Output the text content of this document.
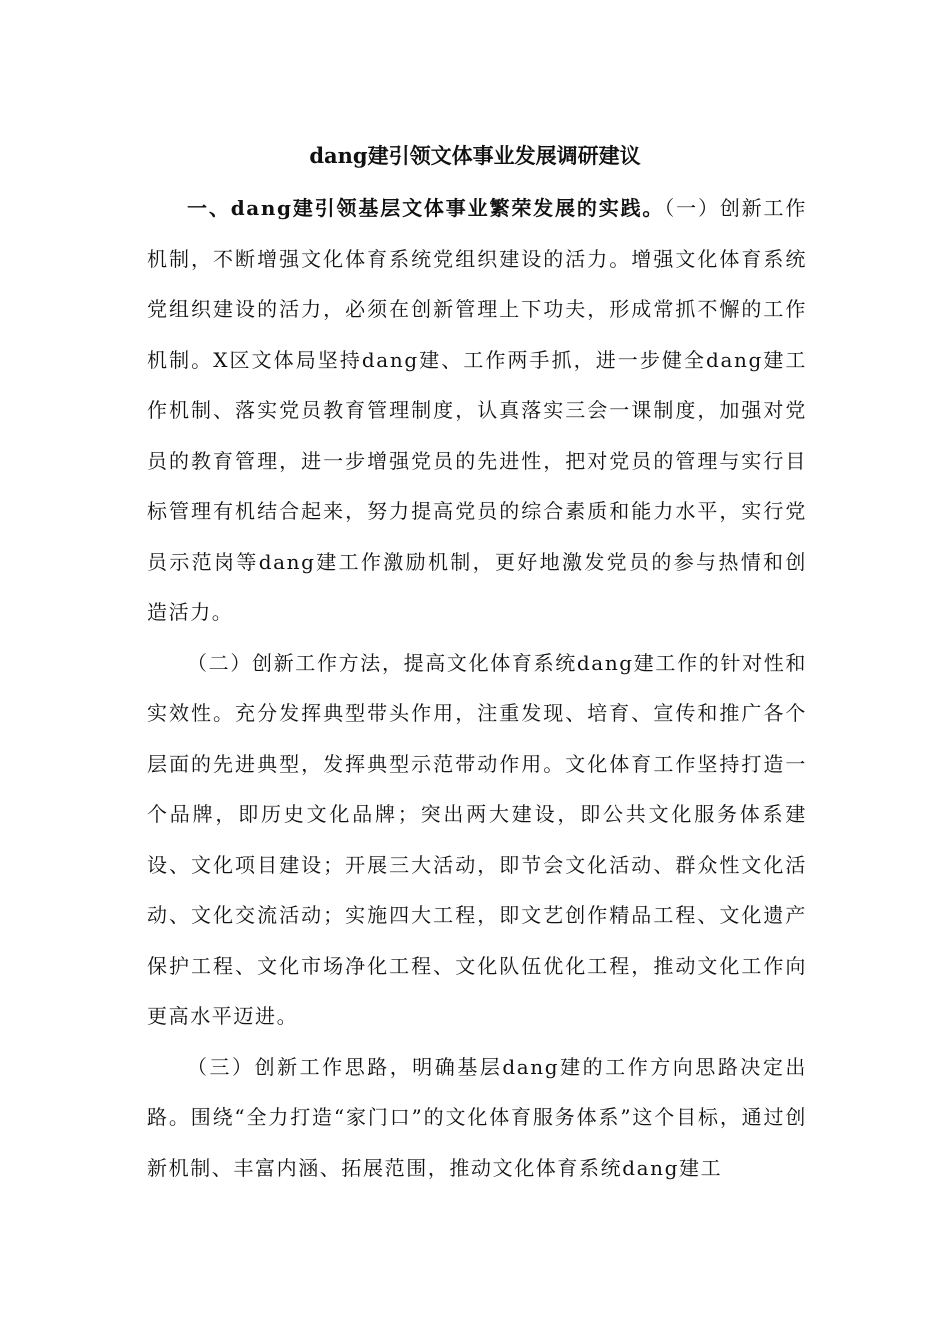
dang建引领文体事业发展调研建议

一、dang建引领基层文体事业繁荣发展的实践。（一）创新工作机制，不断增强文化体育系统党组织建设的活力。增强文化体育系统党组织建设的活力，必须在创新管理上下功夫，形成常抓不懈的工作机制。X区文体局坚持dang建、工作两手抓，进一步健全dang建工作机制、落实党员教育管理制度，认真落实三会一课制度，加强对党员的教育管理，进一步增强党员的先进性，把对党员的管理与实行目标管理有机结合起来，努力提高党员的综合素质和能力水平，实行党员示范岗等dang建工作激励机制，更好地激发党员的参与热情和创造活力。

（二）创新工作方法，提高文化体育系统dang建工作的针对性和实效性。充分发挥典型带头作用，注重发现、培育、宣传和推广各个层面的先进典型，发挥典型示范带动作用。文化体育工作坚持打造一个品牌，即历史文化品牌；突出两大建设，即公共文化服务体系建设、文化项目建设；开展三大活动，即节会文化活动、群众性文化活动、文化交流活动；实施四大工程，即文艺创作精品工程、文化遗产保护工程、文化市场净化工程、文化队伍优化工程，推动文化工作向更高水平迈进。

（三）创新工作思路，明确基层dang建的工作方向思路决定出路。围绕“全力打造“家门口”的文化体育服务体系”这个目标，通过创新机制、丰富内涵、拓展范围，推动文化体育系统dang建工
